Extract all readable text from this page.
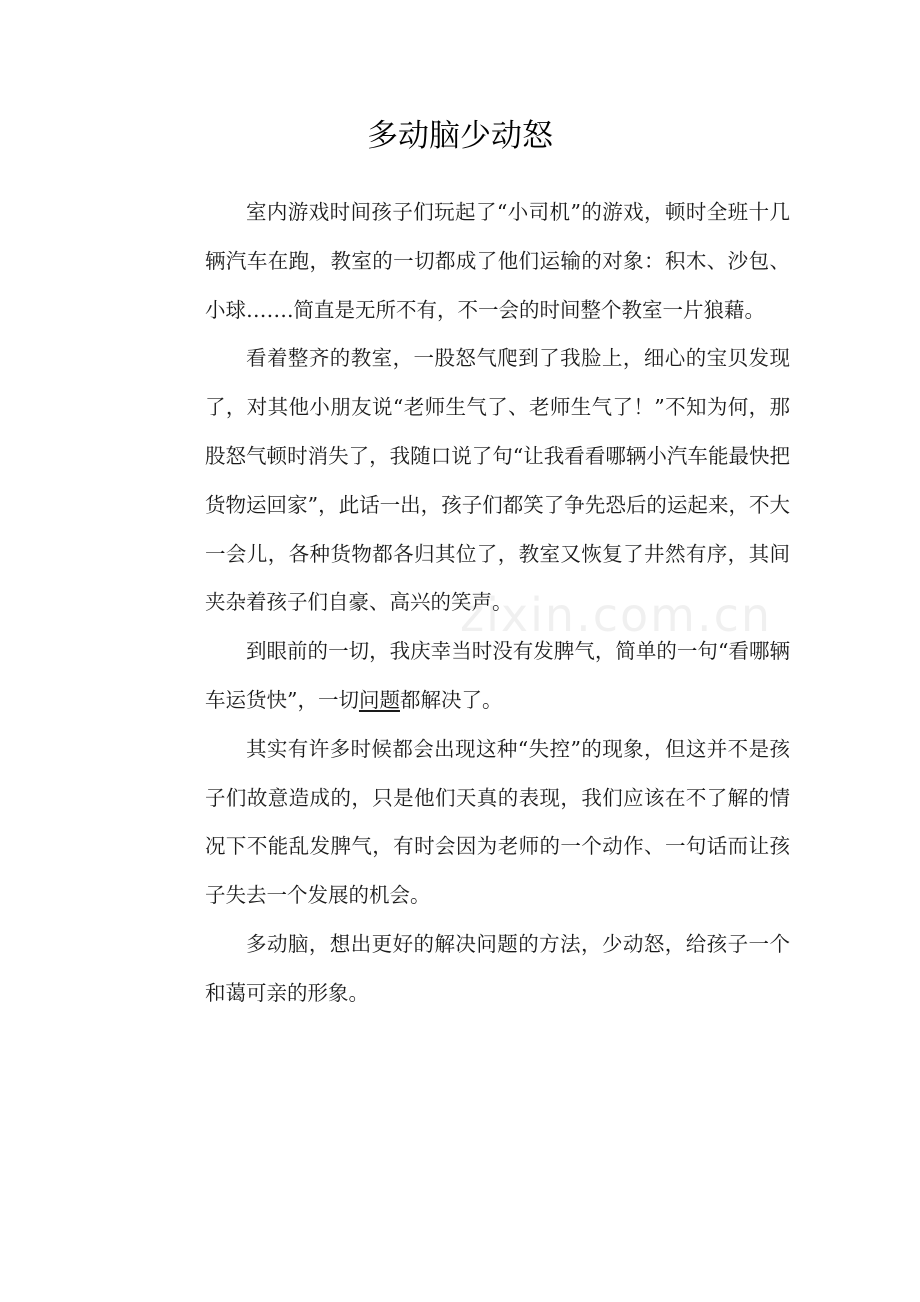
多动脑少动怒
zixin.com.cn

室内游戏时间孩子们玩起了“小司机”的游戏，顿时全班十几辆汽车在跑，教室的一切都成了他们运输的对象：积木、沙包、小球…….简直是无所不有，不一会的时间整个教室一片狼藉。

看着整齐的教室，一股怒气爬到了我脸上，细心的宝贝发现了，对其他小朋友说“老师生气了、老师生气了！”不知为何，那股怒气顿时消失了，我随口说了句“让我看看哪辆小汽车能最快把货物运回家”，此话一出，孩子们都笑了争先恐后的运起来，不大一会儿，各种货物都各归其位了，教室又恢复了井然有序，其间夹杂着孩子们自豪、高兴的笑声。

到眼前的一切，我庆幸当时没有发脾气，简单的一句“看哪辆车运货快”，一切问题都解决了。

其实有许多时候都会出现这种“失控”的现象，但这并不是孩子们故意造成的，只是他们天真的表现，我们应该在不了解的情况下不能乱发脾气，有时会因为老师的一个动作、一句话而让孩子失去一个发展的机会。

多动脑，想出更好的解决问题的方法，少动怒，给孩子一个和蔼可亲的形象。
